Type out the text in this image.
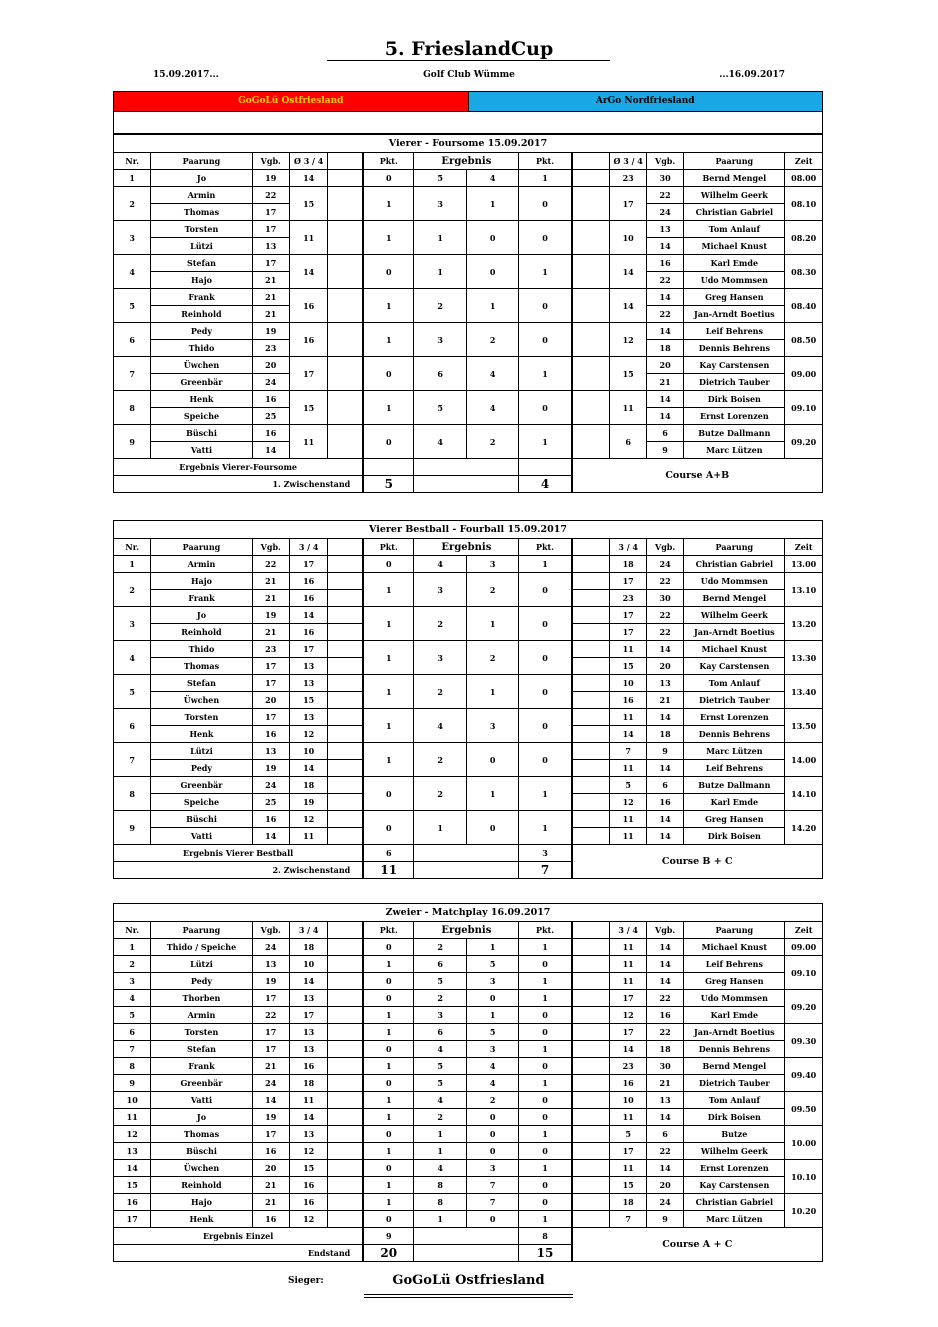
5. FrieslandCup
15.09.2017...	Golf Club Wümme	...16.09.2017
GoGoLü Ostfriesland	ArGo Nordfriesland
Vierer - Foursome 15.09.2017													
Nr.	Paarung	Vgb.	Ø 3 / 4		Pkt.	Ergebnis		Pkt.		Ø 3 / 4	Vgb.	Paarung	Zeit
1	Jo	19	14		0	5	4	1		23	30	Bernd Mengel	08.00
2	Armin	22	15		1	3	1	0		17	22	Wilhelm Geerk	08.10
	Thomas	17									24	Christian Gabriel	
3	Torsten	17	11		1	1	0	0		10	13	Tom Anlauf	08.20
	Lützi	13									14	Michael Knust	
4	Stefan	17	14		0	1	0	1		14	16	Karl Emde	08.30
	Hajo	21									22	Udo Mommsen	
5	Frank	21	16		1	2	1	0		14	14	Greg Hansen	08.40
	Reinhold	21									22	Jan-Arndt Boetius	
6	Pedy	19	16		1	3	2	0		12	14	Leif Behrens	08.50
	Thido	23									18	Dennis Behrens	
7	Üwchen	20	17		0	6	4	1		15	20	Kay Carstensen	09.00
	Greenbär	24									21	Dietrich Tauber	
8	Henk	16	15		1	5	4	0		11	14	Dirk Boisen	09.10
	Speiche	25									14	Ernst Lorenzen	
9	Büschi	16	11		0	4	2	1		6	6	Butze Dallmann	09.20
	Vatti	14									9	Marc Lützen	
Ergebnis Vierer-Foursome									Course A+B				
1. Zwischenstand					5			4					
Vierer Bestball - Fourball 15.09.2017													
Nr.	Paarung	Vgb.	3 / 4		Pkt.	Ergebnis		Pkt.		3 / 4	Vgb.	Paarung	Zeit
1	Armin	22	17		0	4	3	1		18	24	Christian Gabriel	13.00
2	Hajo	21	16		1	3	2	0		17	22	Udo Mommsen	13.10
	Frank	21	16							23	30	Bernd Mengel	
3	Jo	19	14		1	2	1	0		17	22	Wilhelm Geerk	13.20
	Reinhold	21	16							17	22	Jan-Arndt Boetius	
4	Thido	23	17		1	3	2	0		11	14	Michael Knust	13.30
	Thomas	17	13							15	20	Kay Carstensen	
5	Stefan	17	13		1	2	1	0		10	13	Tom Anlauf	13.40
	Üwchen	20	15							16	21	Dietrich Tauber	
6	Torsten	17	13		1	4	3	0		11	14	Ernst Lorenzen	13.50
	Henk	16	12							14	18	Dennis Behrens	
7	Lützi	13	10		1	2	0	0		7	9	Marc Lützen	14.00
	Pedy	19	14							11	14	Leif Behrens	
8	Greenbär	24	18		0	2	1	1		5	6	Butze Dallmann	14.10
	Speiche	25	19							12	16	Karl Emde	
9	Büschi	16	12		0	1	0	1		11	14	Greg Hansen	14.20
	Vatti	14	11							11	14	Dirk Boisen	
Ergebnis Vierer Bestball					6			3	Course B + C				
2. Zwischenstand					11			7					
Zweier - Matchplay 16.09.2017													
Nr.	Paarung	Vgb.	3 / 4		Pkt.	Ergebnis		Pkt.		3 / 4	Vgb.	Paarung	Zeit
1	Thido / Speiche	24	18		0	2	1	1		11	14	Michael Knust	09.00
2	Lützi	13	10		1	6	5	0		11	14	Leif Behrens	09.10
3	Pedy	19	14		0	5	3	1		11	14	Greg Hansen	
4	Thorben	17	13		0	2	0	1		17	22	Udo Mommsen	09.20
5	Armin	22	17		1	3	1	0		12	16	Karl Emde	
6	Torsten	17	13		1	6	5	0		17	22	Jan-Arndt Boetius	09.30
7	Stefan	17	13		0	4	3	1		14	18	Dennis Behrens	
8	Frank	21	16		1	5	4	0		23	30	Bernd Mengel	09.40
9	Greenbär	24	18		0	5	4	1		16	21	Dietrich Tauber	
10	Vatti	14	11		1	4	2	0		10	13	Tom Anlauf	09.50
11	Jo	19	14		1	2	0	0		11	14	Dirk Boisen	
12	Thomas	17	13		0	1	0	1		5	6	Butze	10.00
13	Büschi	16	12		1	1	0	0		17	22	Wilhelm Geerk	
14	Üwchen	20	15		0	4	3	1		11	14	Ernst Lorenzen	10.10
15	Reinhold	21	16		1	8	7	0		15	20	Kay Carstensen	
16	Hajo	21	16		1	8	7	0		18	24	Christian Gabriel	10.20
17	Henk	16	12		0	1	0	1		7	9	Marc Lützen	
Ergebnis Einzel					9			8	Course A + C				
Endstand					20			15					
Sieger:	GoGoLü Ostfriesland
